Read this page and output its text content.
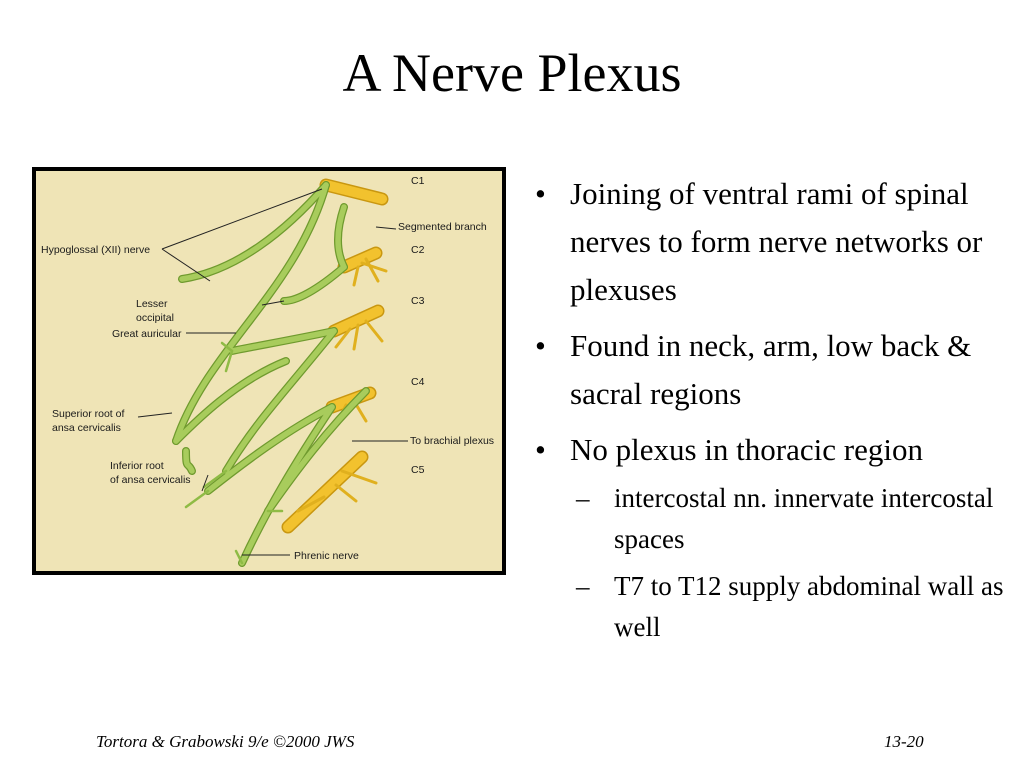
A Nerve Plexus
C1
Segmented branch
C2
Hypoglossal (XII) nerve
C3
Lesser
occipital
Great auricular
C4
Superior root of
ansa cervicalis
To brachial plexus
Inferior root
of ansa cervicalis
C5
Phrenic nerve
• Joining of ventral rami of spinal nerves to form nerve networks or plexuses
• Found in neck, arm, low back & sacral regions
• No plexus in thoracic region
– intercostal nn. innervate intercostal spaces
– T7 to T12 supply abdominal wall as well
Tortora & Grabowski 9/e ©2000 JWS	13-20
